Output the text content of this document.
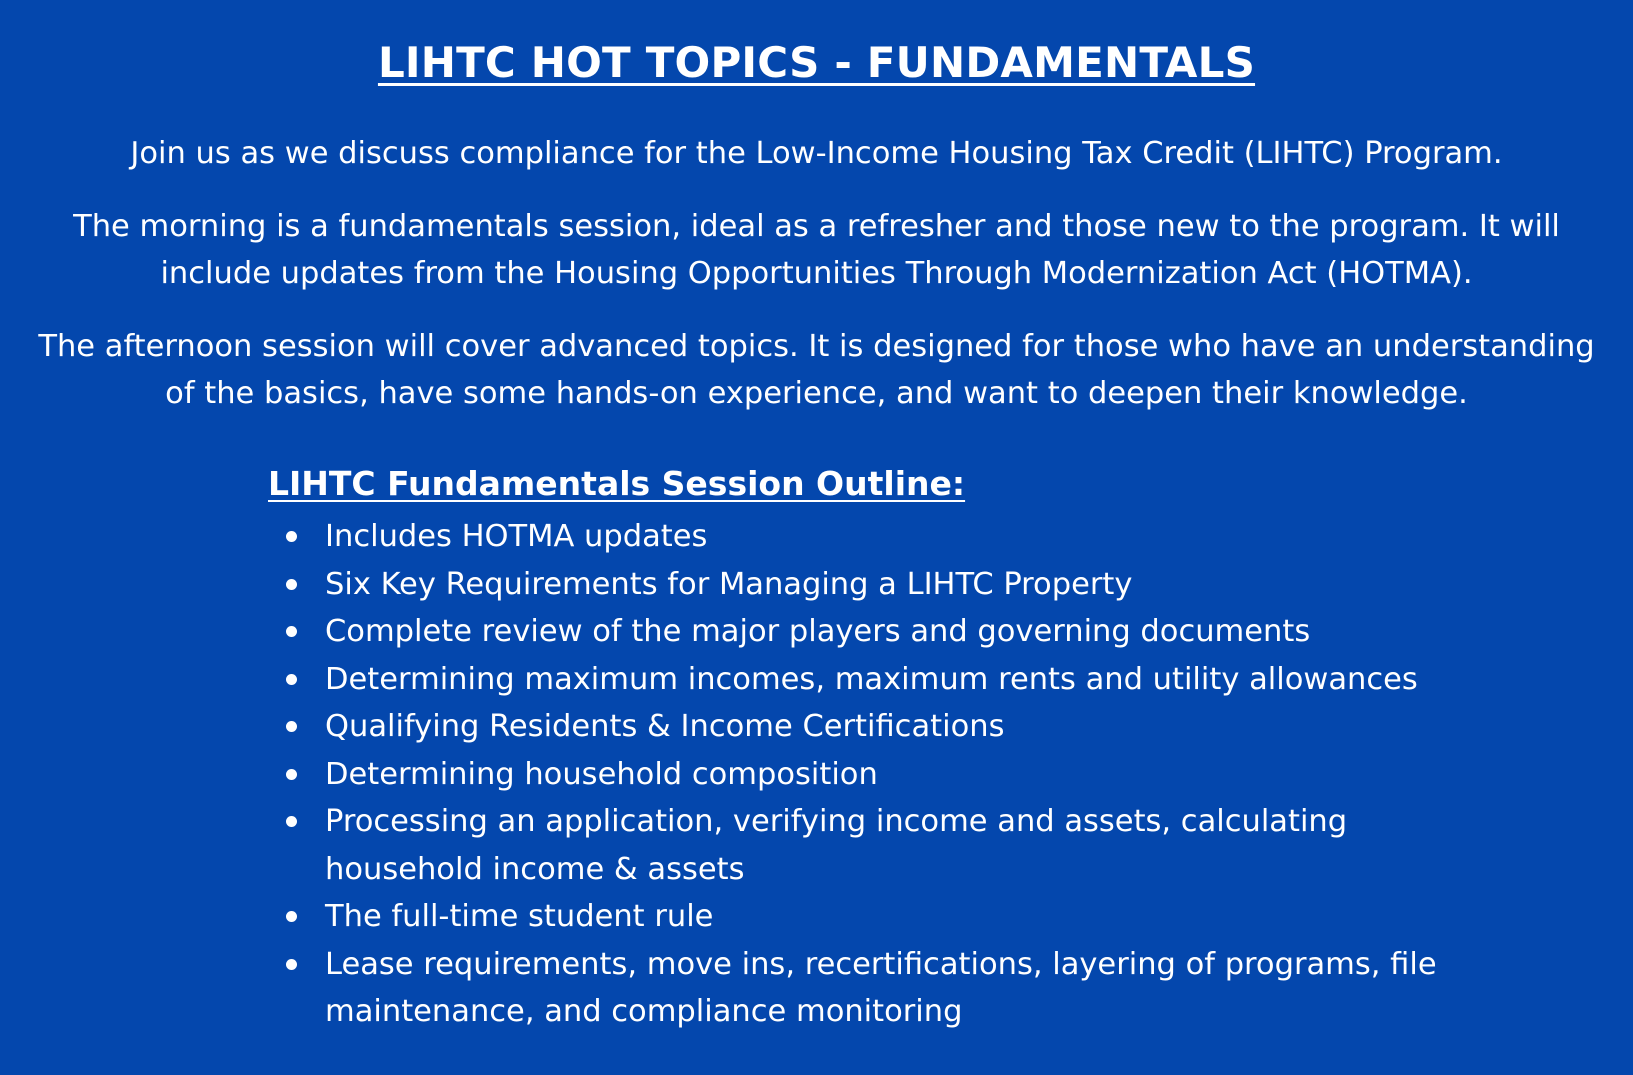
LIHTC HOT TOPICS - FUNDAMENTALS

Join us as we discuss compliance for the Low-Income Housing Tax Credit (LIHTC) Program.

The morning is a fundamentals session, ideal as a refresher and those new to the program. It will include updates from the Housing Opportunities Through Modernization Act (HOTMA).

The afternoon session will cover advanced topics. It is designed for those who have an understanding of the basics, have some hands-on experience, and want to deepen their knowledge.

LIHTC Fundamentals Session Outline:
Includes HOTMA updates
Six Key Requirements for Managing a LIHTC Property
Complete review of the major players and governing documents
Determining maximum incomes, maximum rents and utility allowances
Qualifying Residents & Income Certifications
Determining household composition
Processing an application, verifying income and assets, calculating household income & assets
The full-time student rule
Lease requirements, move ins, recertifications, layering of programs, file maintenance, and compliance monitoring
